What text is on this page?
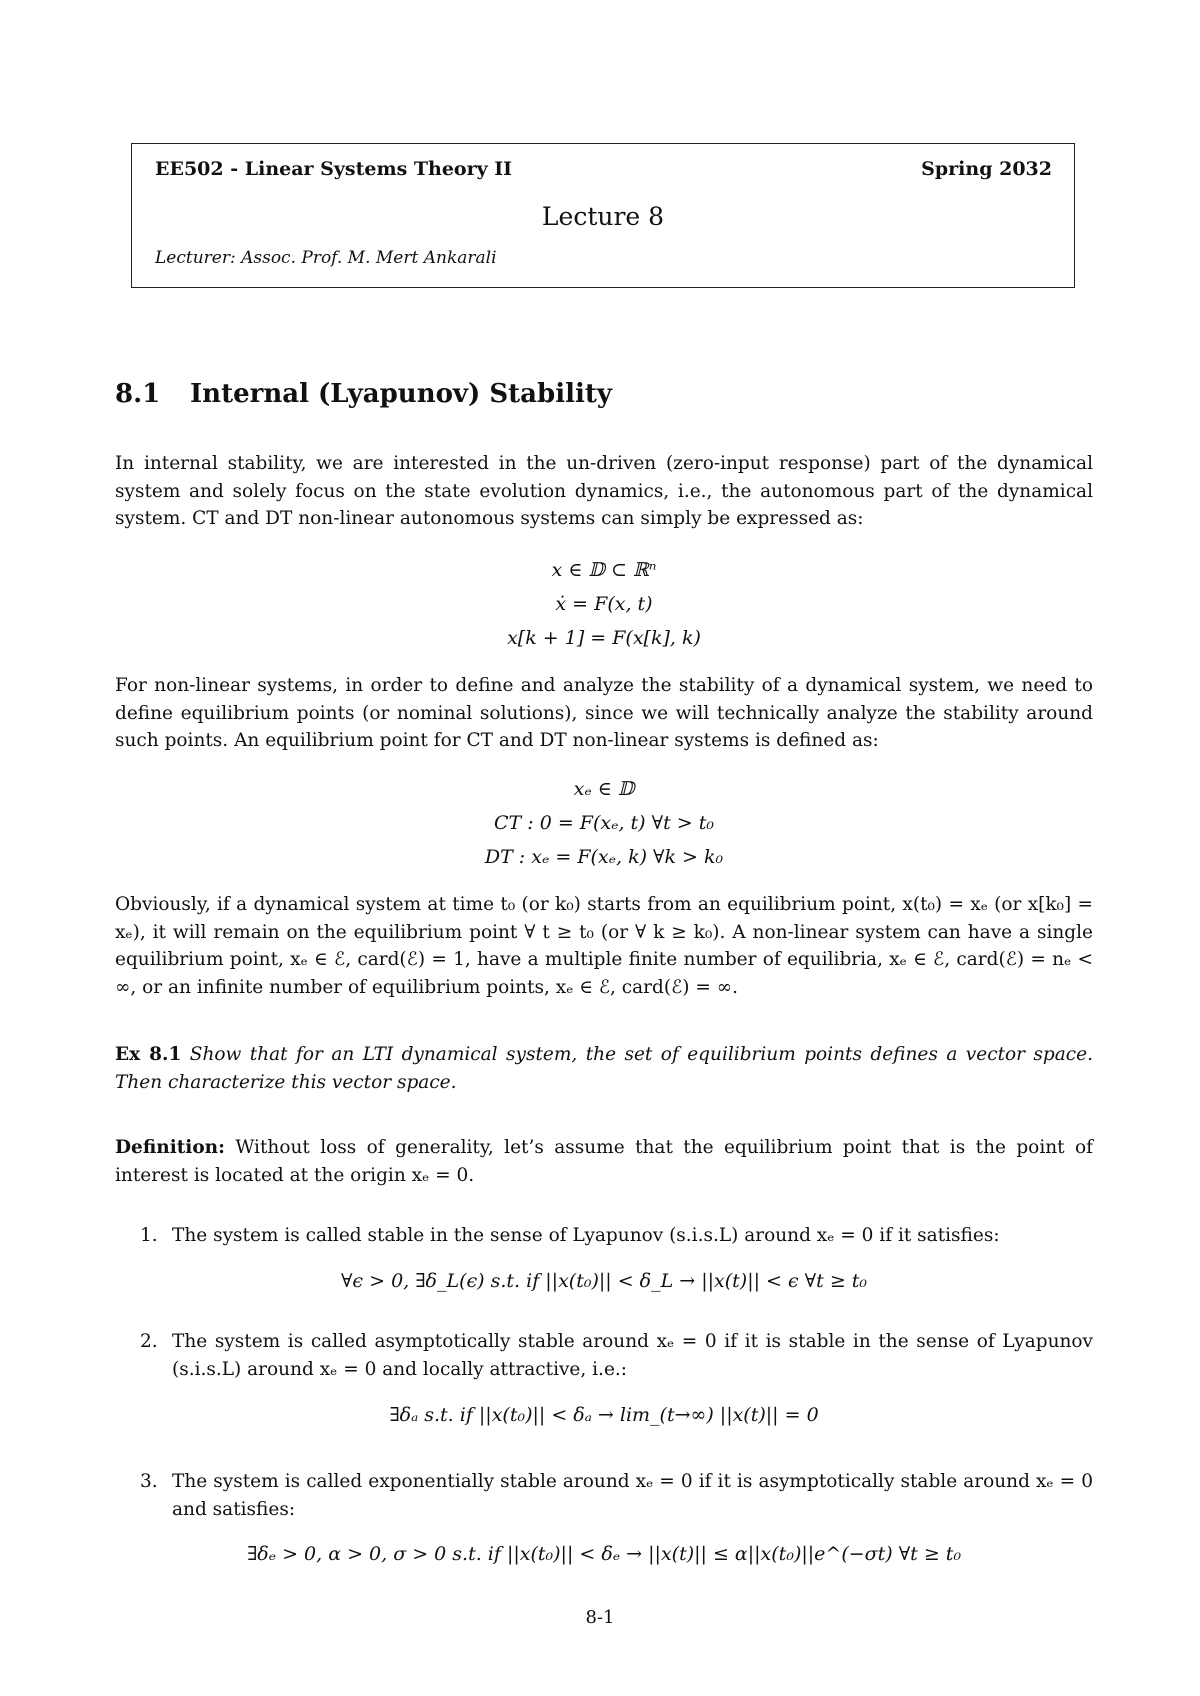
EE502 - Linear Systems Theory II	Spring 2032
Lecture 8
Lecturer: Assoc. Prof. M. Mert Ankarali
8.1 Internal (Lyapunov) Stability
In internal stability, we are interested in the un-driven (zero-input response) part of the dynamical system and solely focus on the state evolution dynamics, i.e., the autonomous part of the dynamical system. CT and DT non-linear autonomous systems can simply be expressed as:
x ∈ 𝔻 ⊂ ℝⁿ
ẋ = F(x, t)
x[k + 1] = F(x[k], k)
For non-linear systems, in order to define and analyze the stability of a dynamical system, we need to define equilibrium points (or nominal solutions), since we will technically analyze the stability around such points. An equilibrium point for CT and DT non-linear systems is defined as:
xₑ ∈ 𝔻
CT : 0 = F(xₑ, t) ∀t > t₀
DT : xₑ = F(xₑ, k) ∀k > k₀
Obviously, if a dynamical system at time t₀ (or k₀) starts from an equilibrium point, x(t₀) = xₑ (or x[k₀] = xₑ), it will remain on the equilibrium point ∀ t ≥ t₀ (or ∀ k ≥ k₀). A non-linear system can have a single equilibrium point, xₑ ∈ ℰ, card(ℰ) = 1, have a multiple finite number of equilibria, xₑ ∈ ℰ, card(ℰ) = nₑ < ∞, or an infinite number of equilibrium points, xₑ ∈ ℰ, card(ℰ) = ∞.
Ex 8.1 Show that for an LTI dynamical system, the set of equilibrium points defines a vector space. Then characterize this vector space.
Definition: Without loss of generality, let’s assume that the equilibrium point that is the point of interest is located at the origin xₑ = 0.
1. The system is called stable in the sense of Lyapunov (s.i.s.L) around xₑ = 0 if it satisfies:
∀ϵ > 0, ∃δ_L(ϵ) s.t. if ||x(t₀)|| < δ_L → ||x(t)|| < ϵ ∀t ≥ t₀
2. The system is called asymptotically stable around xₑ = 0 if it is stable in the sense of Lyapunov (s.i.s.L) around xₑ = 0 and locally attractive, i.e.:
∃δₐ s.t. if ||x(t₀)|| < δₐ → lim_(t→∞) ||x(t)|| = 0
3. The system is called exponentially stable around xₑ = 0 if it is asymptotically stable around xₑ = 0 and satisfies:
∃δₑ > 0, α > 0, σ > 0 s.t. if ||x(t₀)|| < δₑ → ||x(t)|| ≤ α||x(t₀)||e^(−σt) ∀t ≥ t₀
8-1
